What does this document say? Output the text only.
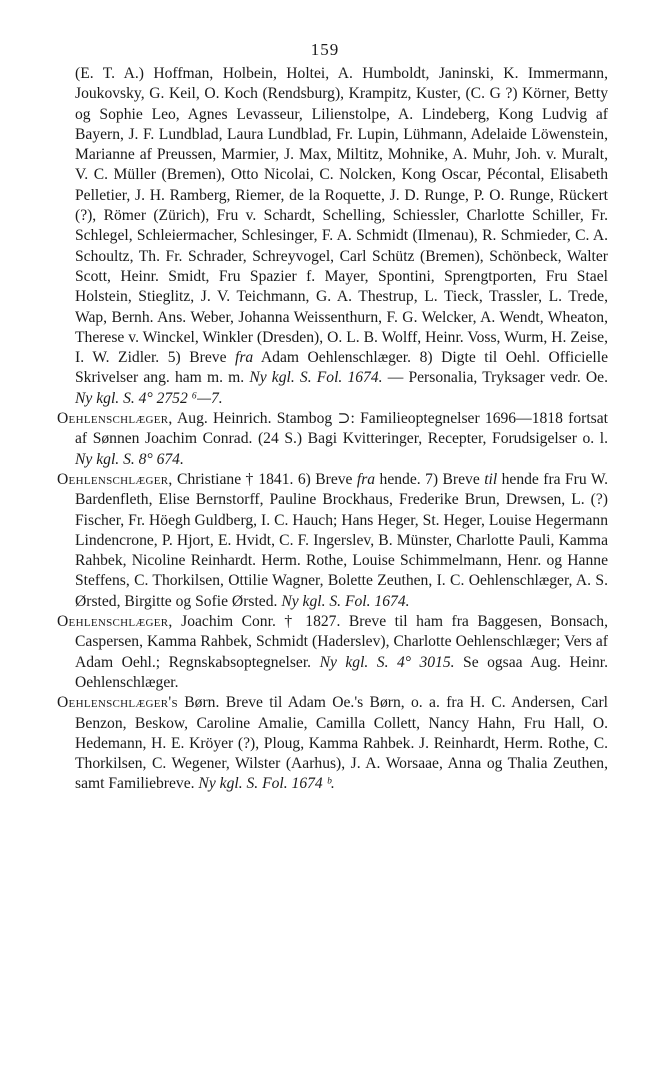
159

(E. T. A.) Hoffman, Holbein, Holtei, A. Humboldt, Janinski, K. Immermann, Joukovsky, G. Keil, O. Koch (Rendsburg), Krampitz, Kuster, (C. G ?) Körner, Betty og Sophie Leo, Agnes Levasseur, Lilienstolpe, A. Lindeberg, Kong Ludvig af Bayern, J. F. Lundblad, Laura Lundblad, Fr. Lupin, Lühmann, Adelaide Löwenstein, Marianne af Preussen, Marmier, J. Max, Miltitz, Mohnike, A. Muhr, Joh. v. Muralt, V. C. Müller (Bremen), Otto Nicolai, C. Nolcken, Kong Oscar, Pécontal, Elisabeth Pelletier, J. H. Ramberg, Riemer, de la Roquette, J. D. Runge, P. O. Runge, Rückert (?), Römer (Zürich), Fru v. Schardt, Schelling, Schiessler, Charlotte Schiller, Fr. Schlegel, Schleiermacher, Schlesinger, F. A. Schmidt (Ilmenau), R. Schmieder, C. A. Schoultz, Th. Fr. Schrader, Schreyvogel, Carl Schütz (Bremen), Schönbeck, Walter Scott, Heinr. Smidt, Fru Spazier f. Mayer, Spontini, Sprengtporten, Fru Stael Holstein, Stieglitz, J. V. Teichmann, G. A. Thestrup, L. Tieck, Trassler, L. Trede, Wap, Bernh. Ans. Weber, Johanna Weissenthurn, F. G. Welcker, A. Wendt, Wheaton, Therese v. Winckel, Winkler (Dresden), O. L. B. Wolff, Heinr. Voss, Wurm, H. Zeise, I. W. Zidler. 5) Breve fra Adam Oehlenschlæger. 8) Digte til Oehl. Officielle Skrivelser ang. ham m. m. Ny kgl. S. Fol. 1674. — Personalia, Tryksager vedr. Oe. Ny kgl. S. 4° 2752 ⁶—7.

Oehlenschlæger, Aug. Heinrich. Stambog ⊃: Familieoptegnelser 1696—1818 fortsat af Sønnen Joachim Conrad. (24 S.) Bagi Kvitteringer, Recepter, Forudsigelser o. l. Ny kgl. S. 8° 674.

Oehlenschlæger, Christiane † 1841. 6) Breve fra hende. 7) Breve til hende fra Fru W. Bardenfleth, Elise Bernstorff, Pauline Brockhaus, Frederike Brun, Drewsen, L. (?) Fischer, Fr. Höegh Guldberg, I. C. Hauch; Hans Heger, St. Heger, Louise Hegermann Lindencrone, P. Hjort, E. Hvidt, C. F. Ingerslev, B. Münster, Charlotte Pauli, Kamma Rahbek, Nicoline Reinhardt. Herm. Rothe, Louise Schimmelmann, Henr. og Hanne Steffens, C. Thorkilsen, Ottilie Wagner, Bolette Zeuthen, I. C. Oehlenschlæger, A. S. Ørsted, Birgitte og Sofie Ørsted. Ny kgl. S. Fol. 1674.

Oehlenschlæger, Joachim Conr. † 1827. Breve til ham fra Baggesen, Bonsach, Caspersen, Kamma Rahbek, Schmidt (Haderslev), Charlotte Oehlenschlæger; Vers af Adam Oehl.; Regnskabsoptegnelser. Ny kgl. S. 4° 3015. Se ogsaa Aug. Heinr. Oehlenschlæger.

Oehlenschlæger's Børn. Breve til Adam Oe.'s Børn, o. a. fra H. C. Andersen, Carl Benzon, Beskow, Caroline Amalie, Camilla Collett, Nancy Hahn, Fru Hall, O. Hedemann, H. E. Kröyer (?), Ploug, Kamma Rahbek. J. Reinhardt, Herm. Rothe, C. Thorkilsen, C. Wegener, Wilster (Aarhus), J. A. Worsaae, Anna og Thalia Zeuthen, samt Familiebreve. Ny kgl. S. Fol. 1674 ᵇ.
